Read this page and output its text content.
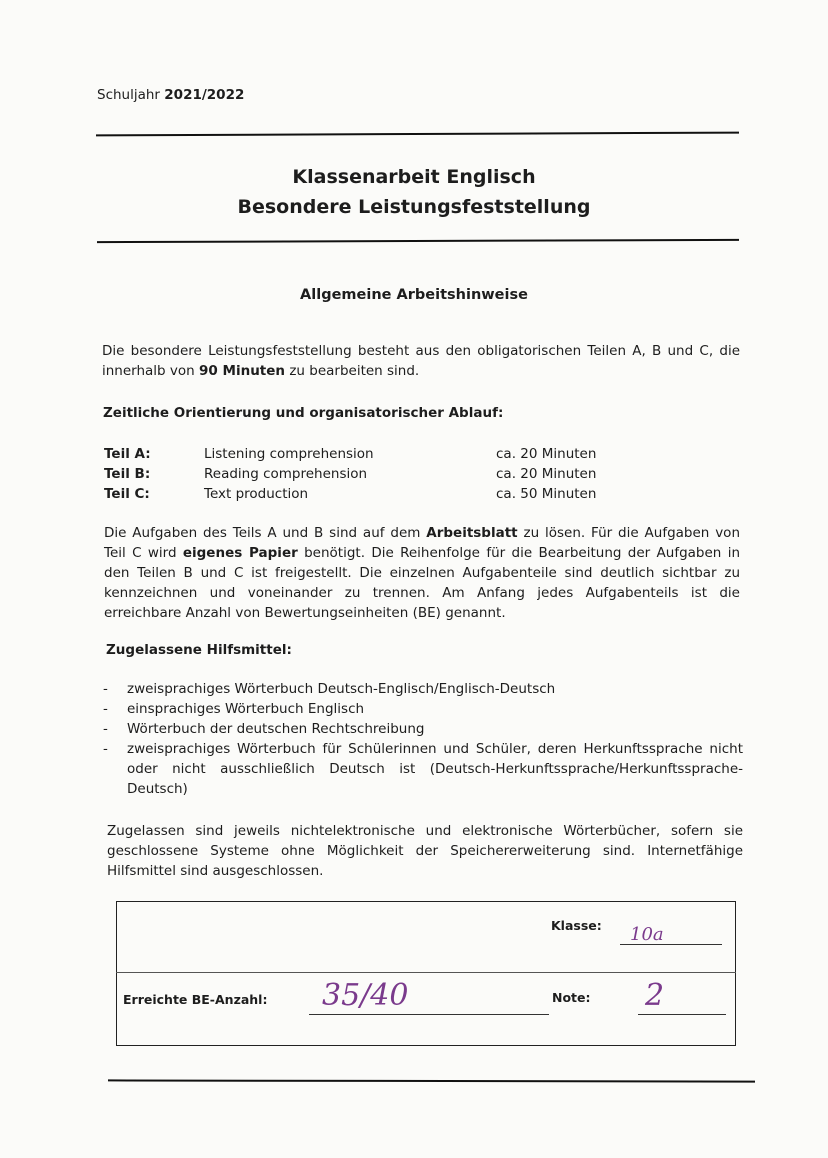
Schuljahr 2021/2022
Klassenarbeit Englisch
Besondere Leistungsfeststellung
Allgemeine Arbeitshinweise
Die besondere Leistungsfeststellung besteht aus den obligatorischen Teilen A, B und C, die innerhalb von 90 Minuten zu bearbeiten sind.
Zeitliche Orientierung und organisatorischer Ablauf:
Teil A:	Listening comprehension	ca. 20 Minuten
Teil B:	Reading comprehension	ca. 20 Minuten
Teil C:	Text production	ca. 50 Minuten
Die Aufgaben des Teils A und B sind auf dem Arbeitsblatt zu lösen. Für die Aufgaben von Teil C wird eigenes Papier benötigt. Die Reihenfolge für die Bearbeitung der Aufgaben in den Teilen B und C ist freigestellt. Die einzelnen Aufgabenteile sind deutlich sichtbar zu kennzeichnen und voneinander zu trennen. Am Anfang jedes Aufgabenteils ist die erreichbare Anzahl von Bewertungseinheiten (BE) genannt.
Zugelassene Hilfsmittel:
- zweisprachiges Wörterbuch Deutsch-Englisch/Englisch-Deutsch
- einsprachiges Wörterbuch Englisch
- Wörterbuch der deutschen Rechtschreibung
- zweisprachiges Wörterbuch für Schülerinnen und Schüler, deren Herkunftssprache nicht oder nicht ausschließlich Deutsch ist (Deutsch-Herkunftssprache/Herkunftssprache-Deutsch)
Zugelassen sind jeweils nichtelektronische und elektronische Wörterbücher, sofern sie geschlossene Systeme ohne Möglichkeit der Speichererweiterung sind. Internetfähige Hilfsmittel sind ausgeschlossen.
Klasse: 10a
Erreichte BE-Anzahl: 35/40	Note: 2
